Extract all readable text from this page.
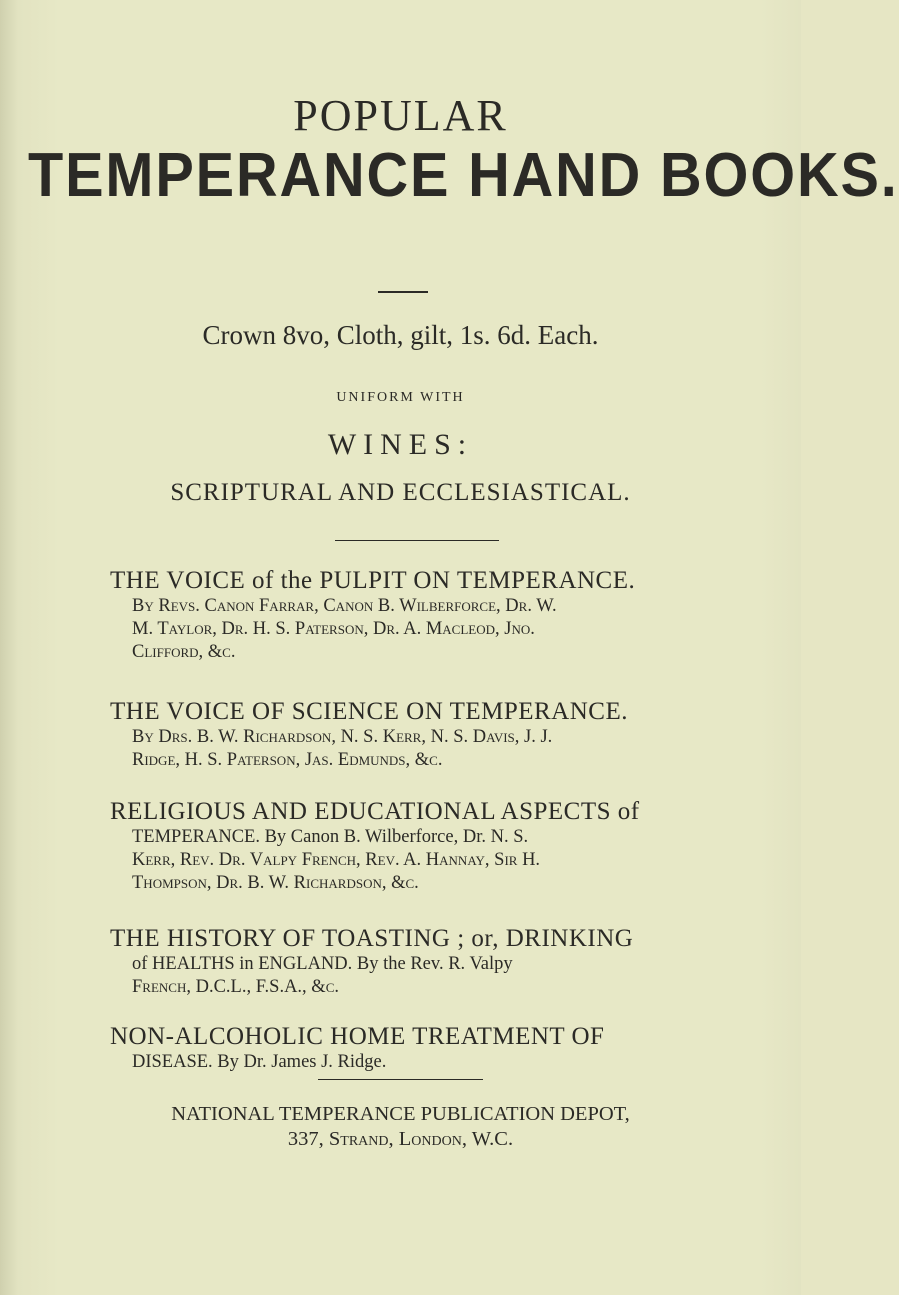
POPULAR
TEMPERANCE HAND BOOKS.
Crown 8vo, Cloth, gilt, 1s. 6d. Each.
UNIFORM WITH
WINES:
SCRIPTURAL AND ECCLESIASTICAL.
THE VOICE of the PULPIT ON TEMPERANCE.
By Revs. Canon Farrar, Canon B. Wilberforce, Dr. W.
M. Taylor, Dr. H. S. Paterson, Dr. A. Macleod, Jno.
Clifford, &c.
THE VOICE OF SCIENCE ON TEMPERANCE.
By Drs. B. W. Richardson, N. S. Kerr, N. S. Davis, J. J.
Ridge, H. S. Paterson, Jas. Edmunds, &c.
RELIGIOUS AND EDUCATIONAL ASPECTS of
TEMPERANCE. By Canon B. Wilberforce, Dr. N. S.
Kerr, Rev. Dr. Valpy French, Rev. A. Hannay, Sir H.
Thompson, Dr. B. W. Richardson, &c.
THE HISTORY OF TOASTING ; or, DRINKING
of HEALTHS in ENGLAND. By the Rev. R. Valpy
French, D.C.L., F.S.A., &c.
NON-ALCOHOLIC HOME TREATMENT OF
DISEASE. By Dr. James J. Ridge.
NATIONAL TEMPERANCE PUBLICATION DEPOT,
337, Strand, London, W.C.
